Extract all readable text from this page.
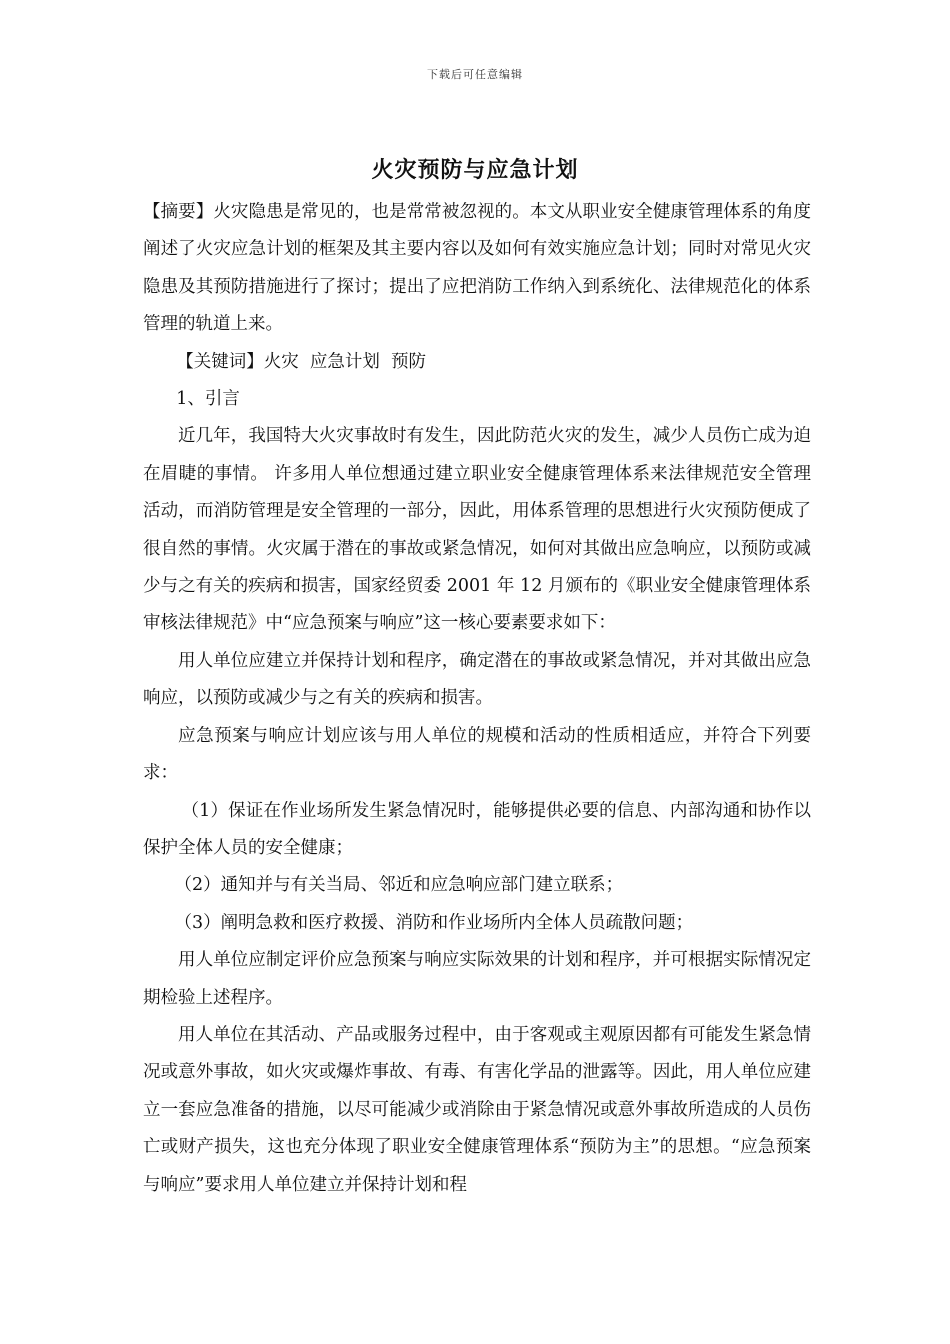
下载后可任意编辑
火灾预防与应急计划

【摘要】火灾隐患是常见的，也是常常被忽视的。本文从职业安全健康管理体系的角度阐述了火灾应急计划的框架及其主要内容以及如何有效实施应急计划；同时对常见火灾隐患及其预防措施进行了探讨；提出了应把消防工作纳入到系统化、法律规范化的体系管理的轨道上来。

【关键词】火灾  应急计划  预防

1、引言

近几年，我国特大火灾事故时有发生，因此防范火灾的发生，减少人员伤亡成为迫在眉睫的事情。 许多用人单位想通过建立职业安全健康管理体系来法律规范安全管理活动，而消防管理是安全管理的一部分，因此，用体系管理的思想进行火灾预防便成了很自然的事情。火灾属于潜在的事故或紧急情况，如何对其做出应急响应，以预防或减少与之有关的疾病和损害，国家经贸委 2001 年 12 月颁布的《职业安全健康管理体系审核法律规范》中“应急预案与响应”这一核心要素要求如下：

用人单位应建立并保持计划和程序，确定潜在的事故或紧急情况，并对其做出应急响应，以预防或减少与之有关的疾病和损害。

应急预案与响应计划应该与用人单位的规模和活动的性质相适应，并符合下列要求：

（1）保证在作业场所发生紧急情况时，能够提供必要的信息、内部沟通和协作以保护全体人员的安全健康；

（2）通知并与有关当局、邻近和应急响应部门建立联系；

（3）阐明急救和医疗救援、消防和作业场所内全体人员疏散问题；

用人单位应制定评价应急预案与响应实际效果的计划和程序，并可根据实际情况定期检验上述程序。

用人单位在其活动、产品或服务过程中，由于客观或主观原因都有可能发生紧急情况或意外事故，如火灾或爆炸事故、有毒、有害化学品的泄露等。因此，用人单位应建立一套应急准备的措施，以尽可能减少或消除由于紧急情况或意外事故所造成的人员伤亡或财产损失，这也充分体现了职业安全健康管理体系“预防为主”的思想。“应急预案与响应”要求用人单位建立并保持计划和程
